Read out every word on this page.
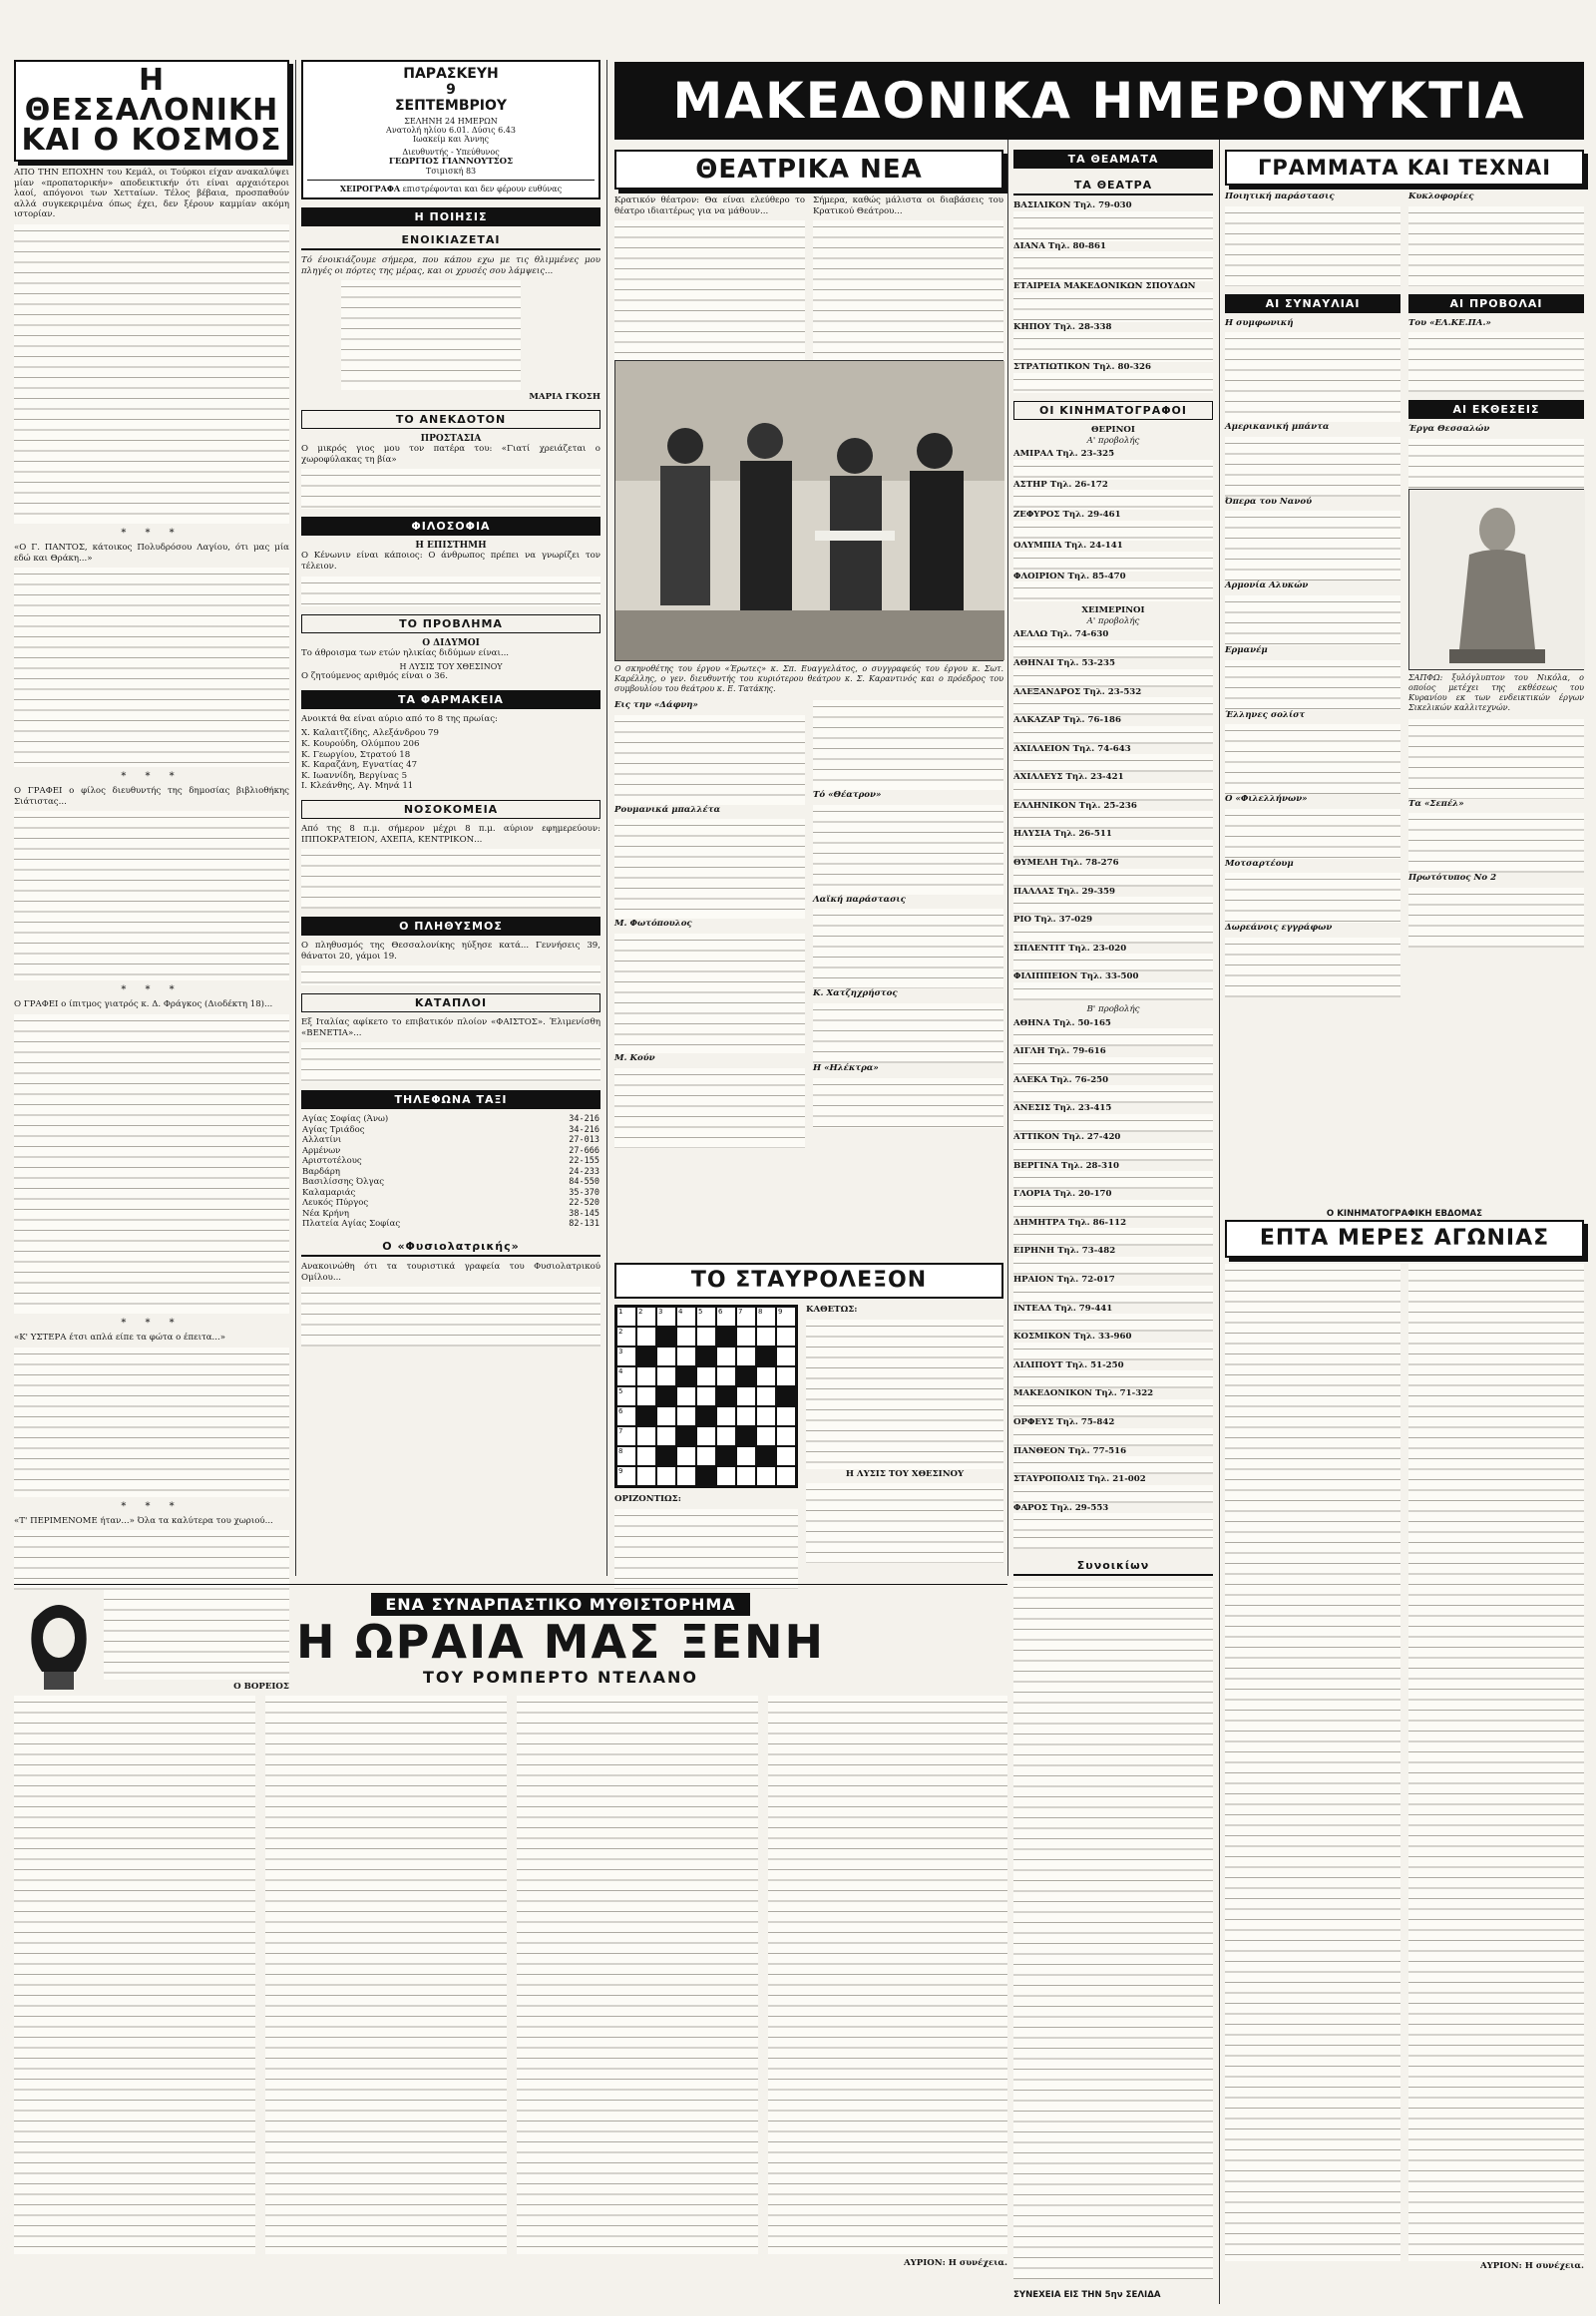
Η ΘΕΣΣΑΛΟΝΙΚΗ
ΚΑΙ Ο ΚΟΣΜΟΣ

ΑΠΟ ΤΗΝ ΕΠΟΧΗΝ του Κεμάλ, οι Τούρκοι είχαν ανακαλύψει μίαν «προπατορικήν» αποδεικτικήν ότι είναι αρχαιότεροι λαοί, απόγονοι των Χετταίων. Τέλος βέβαια, προσπαθούν αλλά συγκεκριμένα όπως έχει, δεν ξέρουν καμμίαν ακόμη ιστορίαν.

* * *

«Ο Γ. ΠΑΝΤΟΣ, κάτοικος Πολυδρόσου Λαγίου, ότι μας μία εδώ και Θράκη...»

* * *

Ο ΓΡΑΦΕΙ ο φίλος διευθυντής της δημοσίας βιβλιοθήκης Σιάτιστας...

* * *

Ο ΓΡΑΦΕΙ ο ίπιτμος γιατρός κ. Δ. Φράγκος (Διοδέκτη 18)...

* * *

«Κ' ΥΣΤΕΡΑ έτσι απλά είπε τα φώτα ο έπειτα...»

* * *

«Τ' ΠΕΡΙΜΕΝΟΜΕ ήταν...» Όλα τα καλύτερα του χωριού...

Ο ΒΟΡΕΙΟΣ
ΠΑΡΑΣΚΕΥΗ
9
ΣΕΠΤΕΜΒΡΙΟΥ
ΣΕΛΗΝΗ 24 ΗΜΕΡΩΝ
Ανατολή ηλίου 6.01. Δύσις 6.43
Ιωακείμ και Άννης
Διευθυντής - Υπεύθυνος
ΓΕΩΡΓΙΟΣ ΓΙΑΝΝΟΥΤΣΟΣ
Τσιμισκή 83
ΧΕΙΡΟΓΡΑΦΑ επιστρέφονται και δεν φέρουν ευθύνας
Η ΠΟΙΗΣΙΣ
ΕΝΟΙΚΙΑΖΕΤΑΙ

Τό ένοικιάζουμε σήμερα, που κάπου εχω με τις θλιμμένες μου πληγές οι πόρτες της μέρας, και οι χρυσές σου λάμψεις...

ΜΑΡΙΑ ΓΚΟΣΗ
ΤΟ ΑΝΕΚΔΟΤΟΝ
ΠΡΟΣΤΑΣΙΑ

Ο μικρός γιος μου τον πατέρα του: «Γιατί χρειάζεται ο χωροφύλακας τη βία»

ΦΙΛΟΣΟΦΙΑ
Η ΕΠΙΣΤΗΜΗ

Ο Κένωνιν είναι κάποιος: Ο άνθρωπος πρέπει να γνωρίζει τον τέλειον.

ΤΟ ΠΡΟΒΛΗΜΑ
Ο ΔΙΔΥΜΟΙ

Το άθροισμα των ετών ηλικίας διδύμων είναι...

Η ΛΥΣΙΣ ΤΟΥ ΧΘΕΣΙΝΟΥ

Ο ζητούμενος αριθμός είναι ο 36.

ΤΑ ΦΑΡΜΑΚΕΙΑ

Ανοικτά θα είναι αύριο από το 8 της πρωίας:

Χ. Καλαιτζίδης, Αλεξάνδρου 79
Κ. Κουρούδη, Ολύμπου 206
Κ. Γεωργίου, Στρατού 18
Κ. Καραζάνη, Εγνατίας 47
Κ. Ιωαννίδη, Βεργίνας 5
Ι. Κλεάνθης, Αγ. Μηνά 11
ΝΟΣΟΚΟΜΕΙΑ

Από της 8 π.μ. σήμερον μέχρι 8 π.μ. αύριον εφημερεύουν: ΙΠΠΟΚΡΑΤΕΙΟΝ, ΑΧΕΠΑ, ΚΕΝΤΡΙΚΟΝ...

Ο ΠΛΗΘΥΣΜΟΣ

Ο πληθυσμός της Θεσσαλονίκης ηύξησε κατά... Γεννήσεις 39, θάνατοι 20, γάμοι 19.

ΚΑΤΑΠΛΟΙ

Εξ Ιταλίας αφίκετο το επιβατικόν πλοίον «ΦΑΙΣΤΟΣ». Έλιμενίσθη «ΒΕΝΕΤΙΑ»...

ΤΗΛΕΦΩΝΑ ΤΑΞΙ
Αγίας Σοφίας (Άνω)	34-216
Αγίας Τριάδος	34-216
Αλλατίνι	27-013
Αρμένων	27-666
Αριστοτέλους	22-155
Βαρδάρη	24-233
Βασιλίσσης Όλγας	84-550
Καλαμαριάς	35-370
Λευκός Πύργος	22-520
Νέα Κρήνη	38-145
Πλατεία Αγίας Σοφίας	82-131
Ο «Φυσιολατρικής»

Ανακοινώθη ότι τα τουριστικά γραφεία του Φυσιολατρικού Ομίλου...

ΜΑΚΕΔΟΝΙΚΑ ΗΜΕΡΟΝΥΚΤΙΑ
ΘΕΑΤΡΙΚΑ ΝΕΑ

Κρατικόν θέατρον: Θα είναι ελεύθερο το θέατρο ιδιαιτέρως για να μάθουν...

Σήμερα, καθώς μάλιστα οι διαβάσεις του Κρατικού Θεάτρου...

Ο σκηνοθέτης του έργου «Έρωτες» κ. Σπ. Ευαγγελάτος, ο συγγραφεύς του έργου κ. Σωτ. Καρέλλης, ο γεν. διευθυντής του κυριότερου θεάτρου κ. Σ. Καραντινός και ο πρόεδρος του συμβουλίου του θεάτρου κ. Ε. Τατάκης.
Εις την «Δάφνη»
Ρουμανικά μπαλλέτα
Μ. Φωτόπουλος
Μ. Κούν
Τό «Θέατρον»
Λαϊκή παράστασις
Κ. Χατζηχρήστος
Η «Ηλέκτρα»
ΤΟ ΣΤΑΥΡΟΛΕΞΟΝ
1 2 3 4 5 6 7 8 9
2
3
4
5
6
7
8
9
ΟΡΙΖΟΝΤΙΩΣ:
ΚΑΘΕΤΩΣ:
Η ΛΥΣΙΣ ΤΟΥ ΧΘΕΣΙΝΟΥ
ΤΑ ΘΕΑΜΑΤΑ
ΤΑ ΘΕΑΤΡΑ
ΒΑΣΙΛΙΚΟΝ Τηλ. 79-030
ΔΙΑΝΑ Τηλ. 80-861
ΕΤΑΙΡΕΙΑ ΜΑΚΕΔΟΝΙΚΩΝ ΣΠΟΥΔΩΝ
ΚΗΠΟΥ Τηλ. 28-338
ΣΤΡΑΤΙΩΤΙΚΟΝ Τηλ. 80-326
ΟΙ ΚΙΝΗΜΑΤΟΓΡΑΦΟΙ
ΘΕΡΙΝΟΙ
Α' προβολής
ΑΜΙΡΑΛ Τηλ. 23-325
ΑΣΤΗΡ Τηλ. 26-172
ΖΕΦΥΡΟΣ Τηλ. 29-461
ΟΛΥΜΠΙΑ Τηλ. 24-141
ΦΛΟΙΡΙΟΝ Τηλ. 85-470
ΧΕΙΜΕΡΙΝΟΙ
Α' προβολής
ΑΕΛΛΩ Τηλ. 74-630
ΑΘΗΝΑΙ Τηλ. 53-235
ΑΛΕΞΑΝΔΡΟΣ Τηλ. 23-532
ΑΛΚΑΖΑΡ Τηλ. 76-186
ΑΧΙΛΛΕΙΟΝ Τηλ. 74-643
ΑΧΙΛΛΕΥΣ Τηλ. 23-421
ΕΛΛΗΝΙΚΟΝ Τηλ. 25-236
ΗΛΥΣΙΑ Τηλ. 26-511
ΘΥΜΕΛΗ Τηλ. 78-276
ΠΑΛΛΑΣ Τηλ. 29-359
ΡΙΟ Τηλ. 37-029
ΣΠΛΕΝΤΙΤ Τηλ. 23-020
ΦΙΛΙΠΠΕΙΟΝ Τηλ. 33-500
Β' προβολής
ΑΘΗΝΑ Τηλ. 50-165
ΑΙΓΛΗ Τηλ. 79-616
ΑΛΕΚΑ Τηλ. 76-250
ΑΝΕΣΙΣ Τηλ. 23-415
ΑΤΤΙΚΟΝ Τηλ. 27-420
ΒΕΡΓΙΝΑ Τηλ. 28-310
ΓΛΟΡΙΑ Τηλ. 20-170
ΔΗΜΗΤΡΑ Τηλ. 86-112
ΕΙΡΗΝΗ Τηλ. 73-482
ΗΡΑΙΟΝ Τηλ. 72-017
ΙΝΤΕΑΛ Τηλ. 79-441
ΚΟΣΜΙΚΟΝ Τηλ. 33-960
ΛΙΛΙΠΟΥΤ Τηλ. 51-250
ΜΑΚΕΔΟΝΙΚΟΝ Τηλ. 71-322
ΟΡΦΕΥΣ Τηλ. 75-842
ΠΑΝΘΕΟΝ Τηλ. 77-516
ΣΤΑΥΡΟΠΟΛΙΣ Τηλ. 21-002
ΦΑΡΟΣ Τηλ. 29-553
Συνοικίων
ΓΡΑΜΜΑΤΑ ΚΑΙ ΤΕΧΝΑΙ
Ποιητική παράστασις
ΑΙ ΣΥΝΑΥΛΙΑΙ
Η συμφωνική
Αμερικανική μπάντα
Όπερα του Νανού
Αρμονία Αλυκών
Ερμανέμ
Έλληνες σολίστ
Ο «Φιλελλήνων»
Μοτσαρτέουμ
Δωρεάνοις εγγράφων
Κυκλοφορίες
ΑΙ ΠΡΟΒΟΛΑΙ
Του «ΕΛ.ΚΕ.ΠΑ.»
ΑΙ ΕΚΘΕΣΕΙΣ
Έργα Θεσσαλών
ΣΑΠΦΩ: ξυλόγλυπτον του Νικόλα, ο οποίος μετέχει της εκθέσεως του Κυρανίου εκ των ενδεικτικών έργων Σικελικών καλλιτεχνών.
Τα «Σεπέλ»
Πρωτότυπος Νο 2
Ο ΚΙΝΗΜΑΤΟΓΡΑΦΙΚΗ ΕΒΔΟΜΑΣ
ΕΠΤΑ ΜΕΡΕΣ ΑΓΩΝΙΑΣ
ΑΥΡΙΟΝ: Η συνέχεια.
ΕΝΑ ΣΥΝΑΡΠΑΣΤΙΚΟ ΜΥΘΙΣΤΟΡΗΜΑ
Η ΩΡΑΙΑ ΜΑΣ ΞΕΝΗ
ΤΟΥ ΡΟΜΠΕΡΤΟ ΝΤΕΛΑΝΟ
ΑΥΡΙΟΝ: Η συνέχεια.
ΣΥΝΕΧΕΙΑ ΕΙΣ ΤΗΝ 5ην ΣΕΛΙΔΑ
